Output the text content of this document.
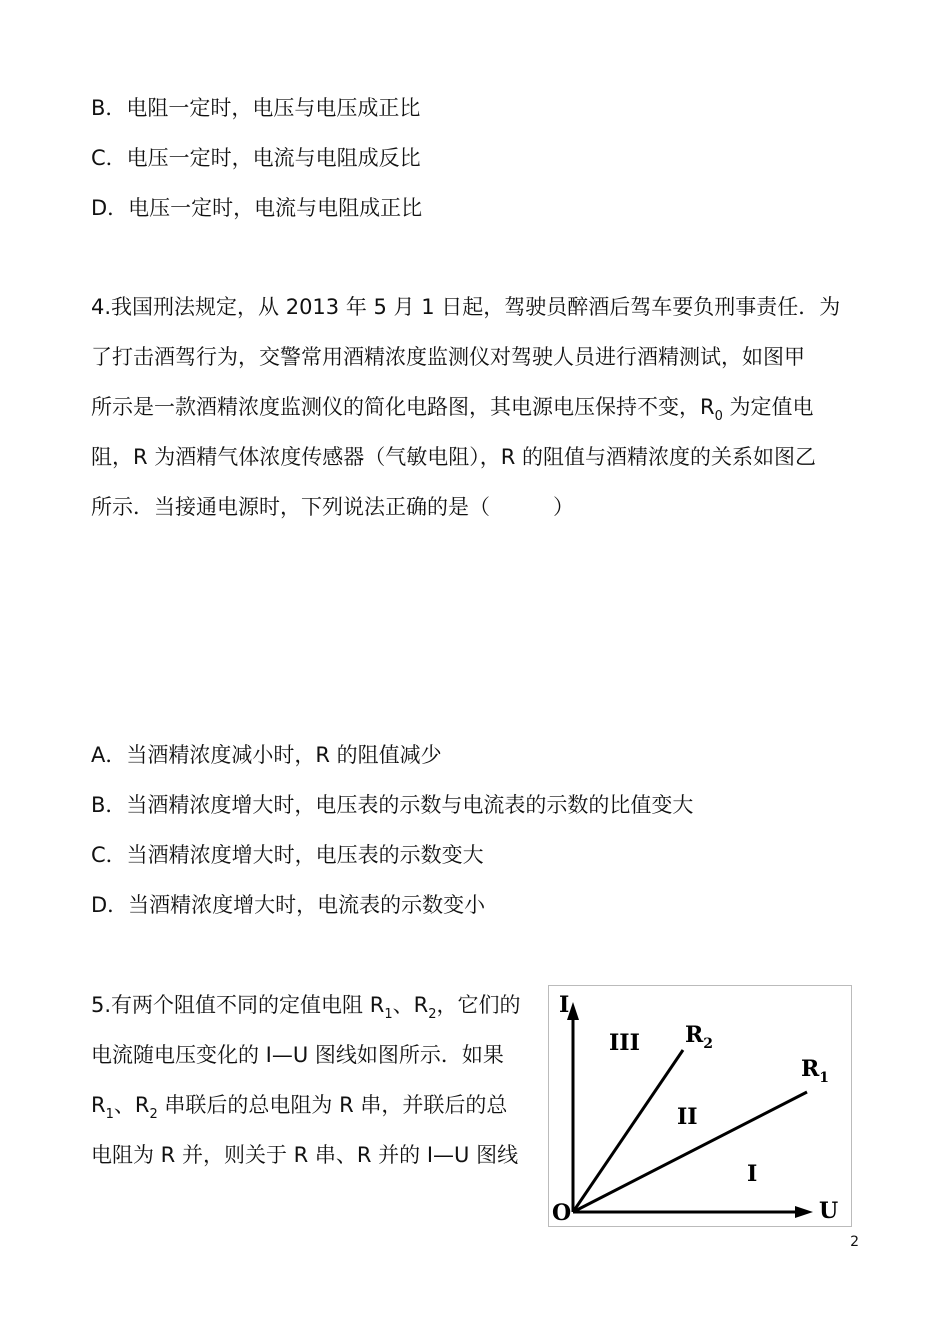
B．电阻一定时，电压与电压成正比
C．电压一定时，电流与电阻成反比
D．电压一定时，电流与电阻成正比
4.我国刑法规定，从 2013 年 5 月 1 日起，驾驶员醉酒后驾车要负刑事责任．为
了打击酒驾行为，交警常用酒精浓度监测仪对驾驶人员进行酒精测试，如图甲
所示是一款酒精浓度监测仪的简化电路图，其电源电压保持不变，$R_0$ 为定值电
阻，R 为酒精气体浓度传感器（气敏电阻），R 的阻值与酒精浓度的关系如图乙
所示．当接通电源时，下列说法正确的是（　　　）
A．当酒精浓度减小时，R 的阻值减少
B．当酒精浓度增大时，电压表的示数与电流表的示数的比值变大
C．当酒精浓度增大时，电压表的示数变大
D．当酒精浓度增大时，电流表的示数变小
5.有两个阻值不同的定值电阻 $R_1$、$R_2$，它们的
电流随电压变化的 I—U 图线如图所示．如果
$R_1$、$R_2$ 串联后的总电阻为 R 串，并联后的总
电阻为 R 并，则关于 R 串、R 并的 I—U 图线
I
U
O
$R_2$
$R_1$
III
II
I
2
